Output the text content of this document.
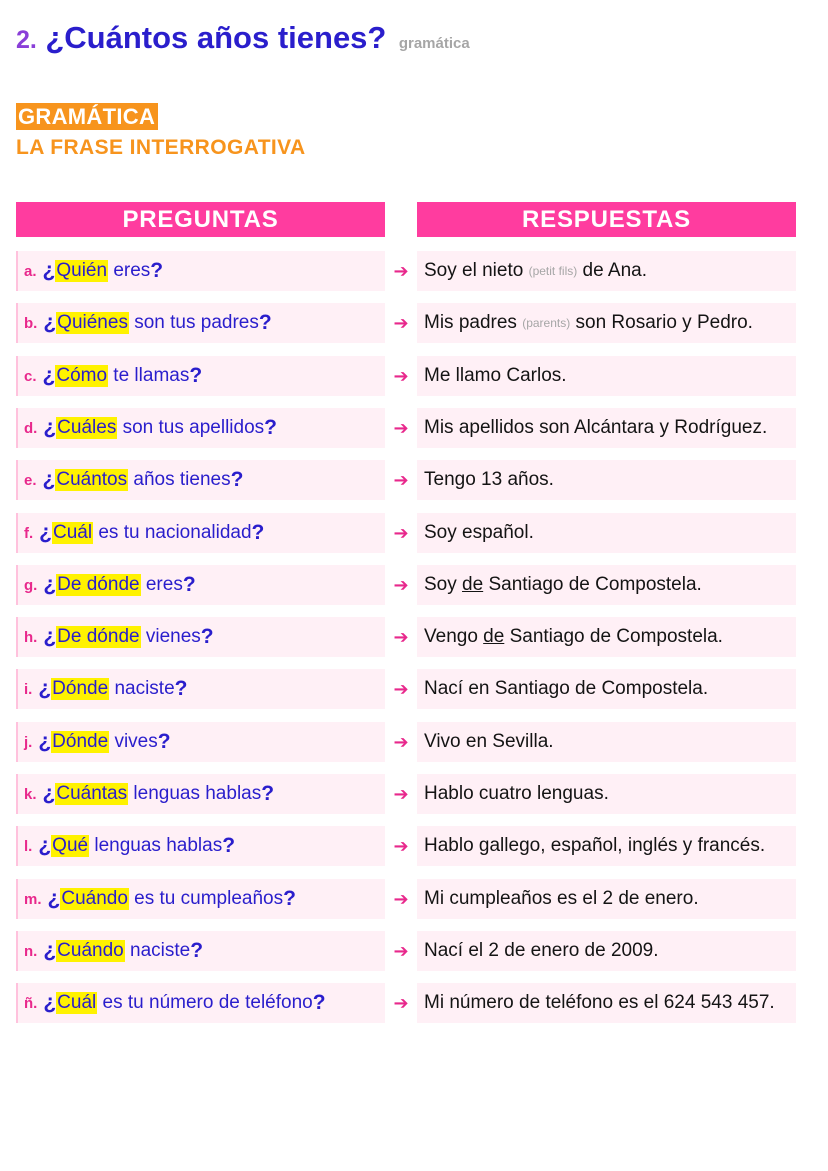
2. ¿Cuántos años tienes? gramática
GRAMÁTICA
LA FRASE INTERROGATIVA
PREGUNTAS	RESPUESTAS
a. ¿ Quién eres ?	➔ Soy el nieto (petit fils) de Ana.
b. ¿ Quiénes son tus padres ?	➔ Mis padres (parents) son Rosario y Pedro.
c. ¿ Cómo te llamas ?	➔ Me llamo Carlos.
d. ¿ Cuáles son tus apellidos ?	➔ Mis apellidos son Alcántara y Rodríguez.
e. ¿ Cuántos años tienes ?	➔ Tengo 13 años.
f. ¿ Cuál es tu nacionalidad ?	➔ Soy español.
g. ¿ De dónde eres ?	➔ Soy de Santiago de Compostela.
h. ¿ De dónde vienes ?	➔ Vengo de Santiago de Compostela.
i. ¿ Dónde naciste ?	➔ Nací en Santiago de Compostela.
j. ¿ Dónde vives ?	➔ Vivo en Sevilla.
k. ¿ Cuántas lenguas hablas ?	➔ Hablo cuatro lenguas.
l. ¿ Qué lenguas hablas ?	➔ Hablo gallego, español, inglés y francés.
m. ¿ Cuándo es tu cumpleaños ?	➔ Mi cumpleaños es el 2 de enero.
n. ¿ Cuándo naciste ?	➔ Nací el 2 de enero de 2009.
ñ. ¿ Cuál es tu número de teléfono ?	➔ Mi número de teléfono es el 624 543 457.
